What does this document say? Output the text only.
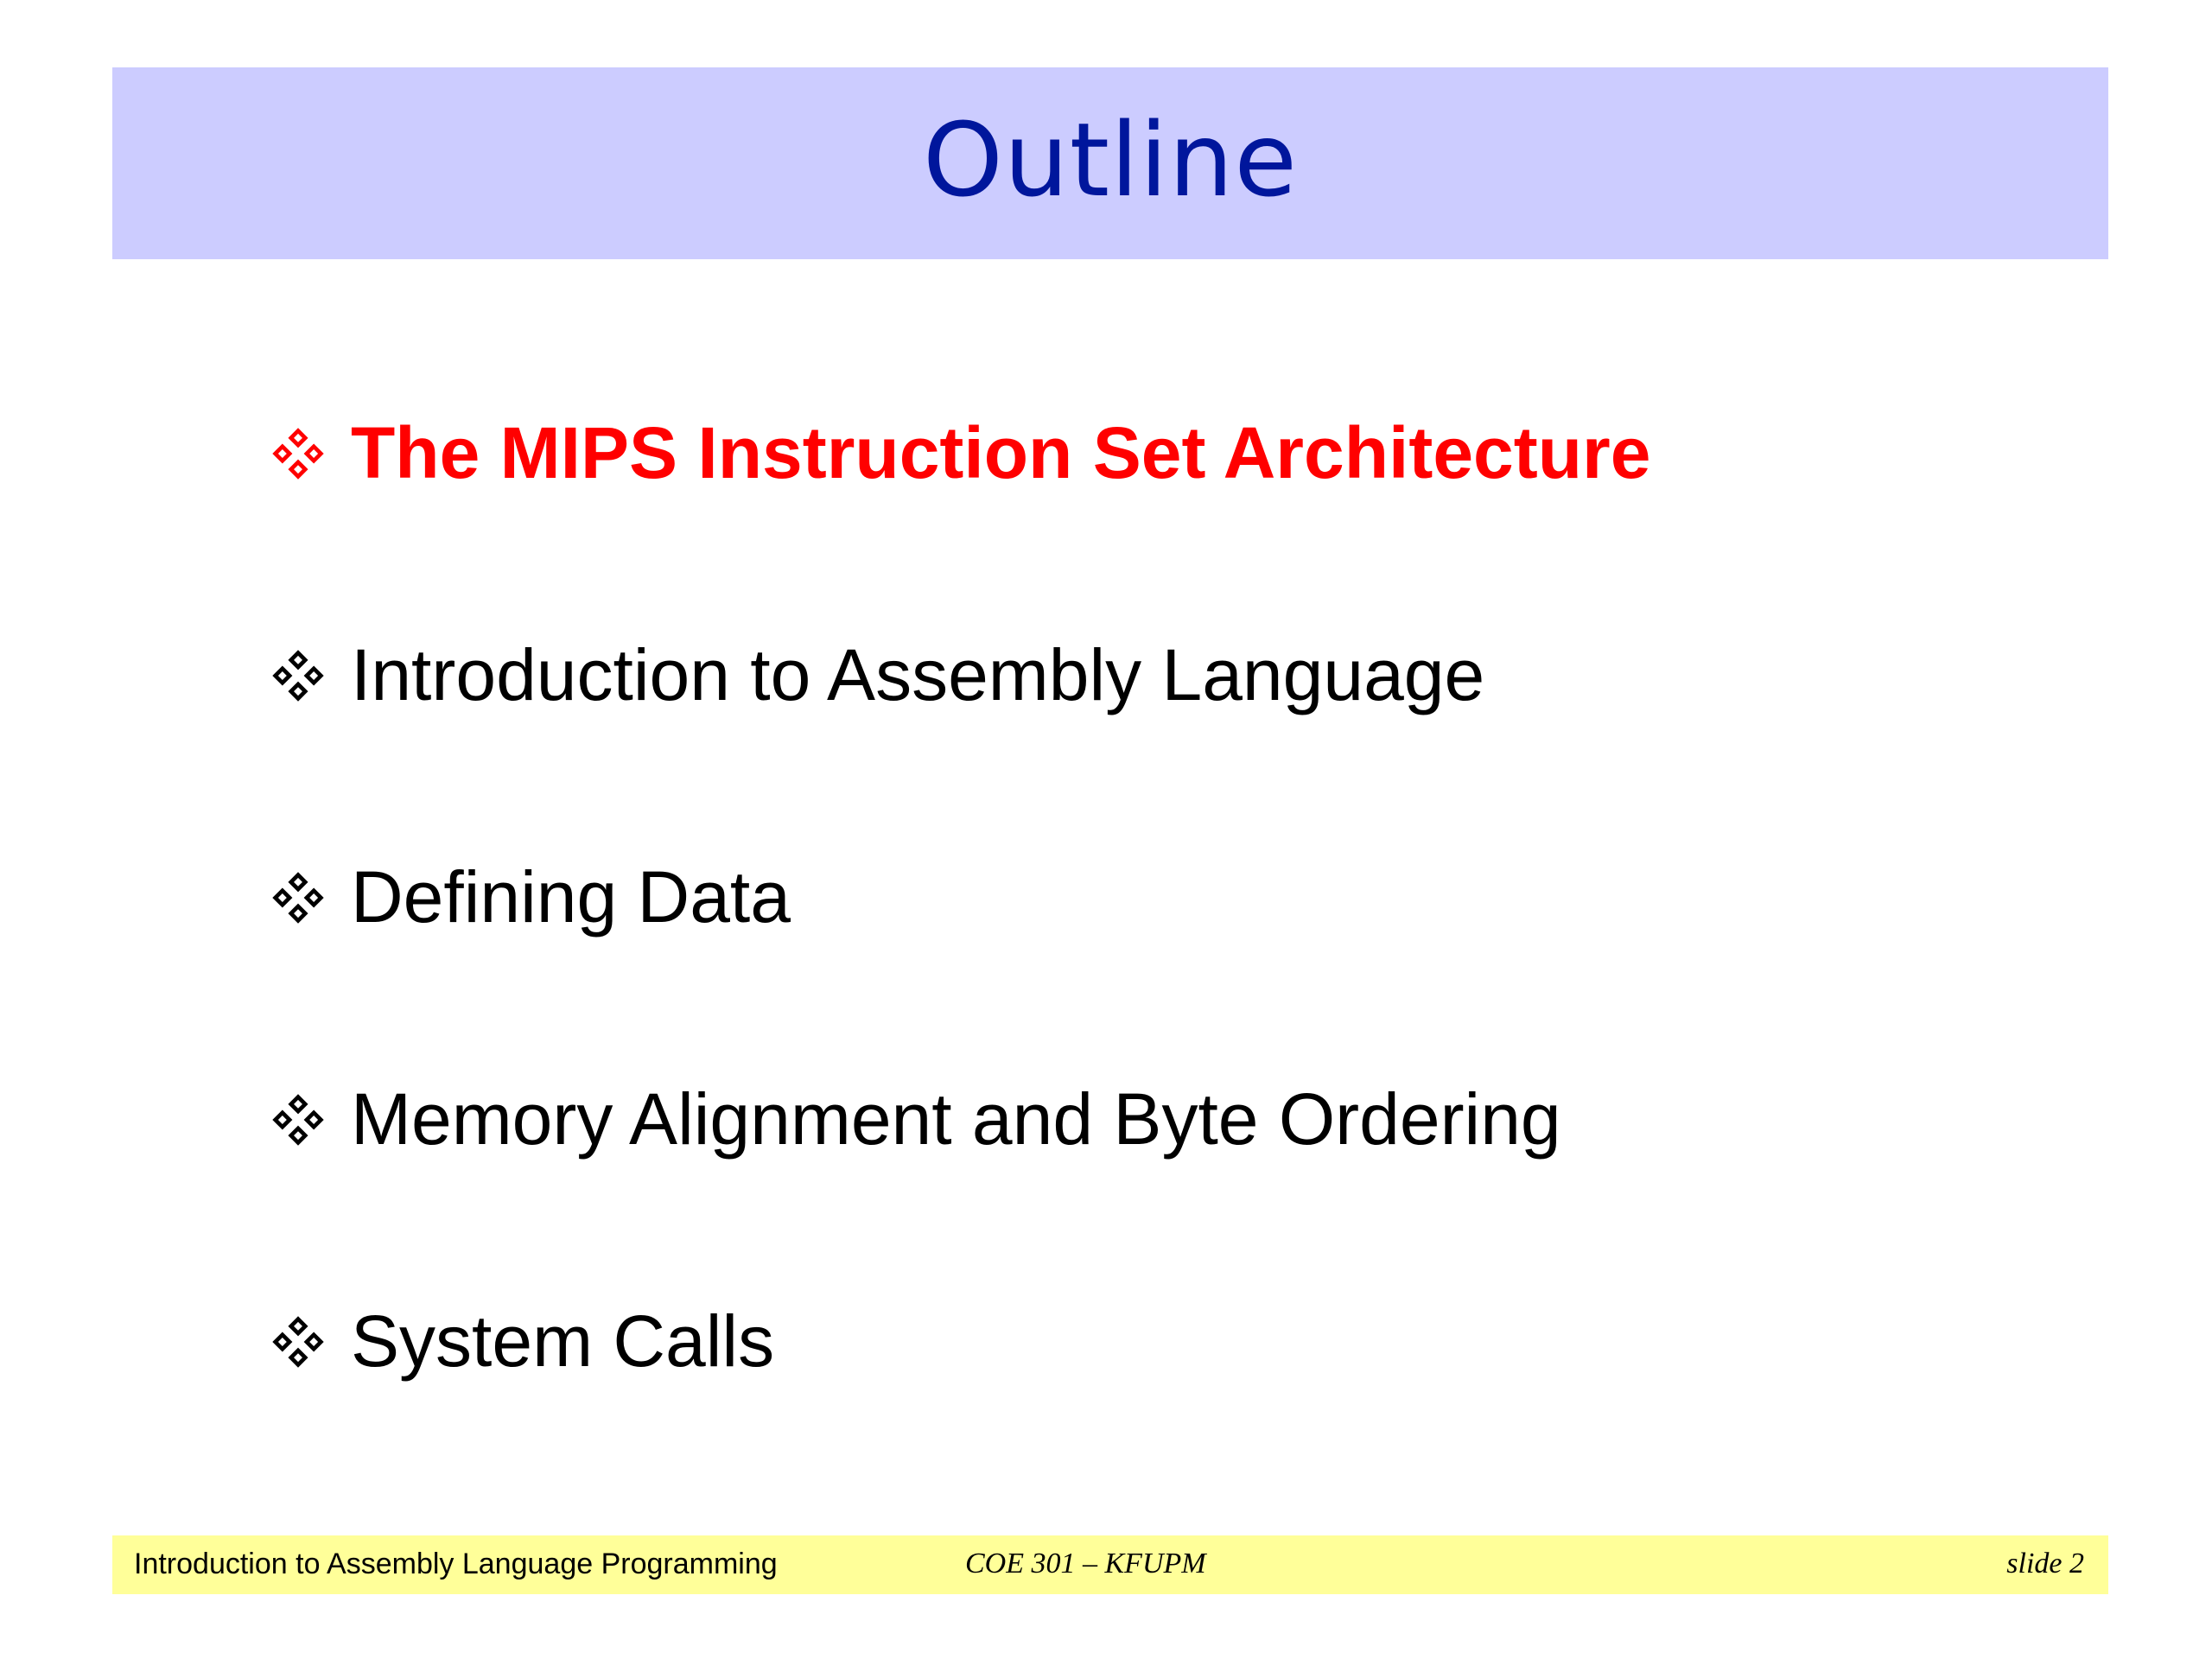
Outline
The MIPS Instruction Set Architecture
Introduction to Assembly Language
Defining Data
Memory Alignment and Byte Ordering
System Calls
Introduction to Assembly Language Programming	COE 301 – KFUPM	slide 2
